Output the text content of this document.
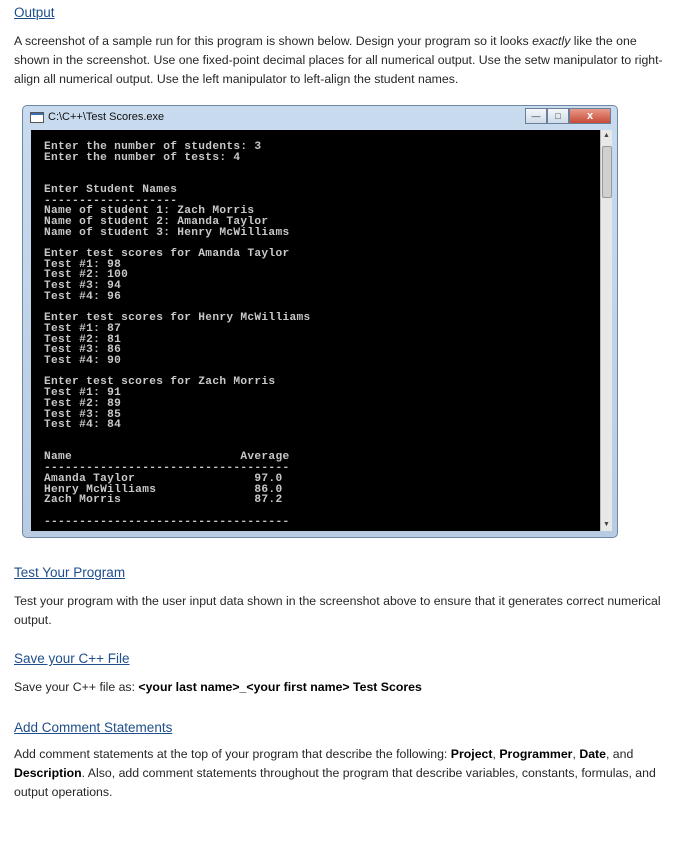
Output

A screenshot of a sample run for this program is shown below. Design your program so it looks exactly like the one shown in the screenshot. Use one fixed-point decimal places for all numerical output. Use the setw manipulator to right-align all numerical output. Use the left manipulator to left-align the student names.

C:\C++\Test Scores.exe	—	□	x
Enter the number of students: 3
Enter the number of tests: 4

Enter Student Names
-------------------
Name of student 1: Zach Morris
Name of student 2: Amanda Taylor
Name of student 3: Henry McWilliams

Enter test scores for Amanda Taylor
Test #1: 98
Test #2: 100
Test #3: 94
Test #4: 96

Enter test scores for Henry McWilliams
Test #1: 87
Test #2: 81
Test #3: 86
Test #4: 90

Enter test scores for Zach Morris
Test #1: 91
Test #2: 89
Test #3: 85
Test #4: 84

Name                        Average
-----------------------------------
Amanda Taylor                 97.0
Henry McWilliams              86.0
Zach Morris                   87.2

-----------------------------------
▲
▼
Test Your Program

Test your program with the user input data shown in the screenshot above to ensure that it generates correct numerical output.

Save your C++ File

Save your C++ file as: <your last name>_<your first name> Test Scores

Add Comment Statements

Add comment statements at the top of your program that describe the following: Project, Programmer, Date, and Description. Also, add comment statements throughout the program that describe variables, constants, formulas, and output operations.
